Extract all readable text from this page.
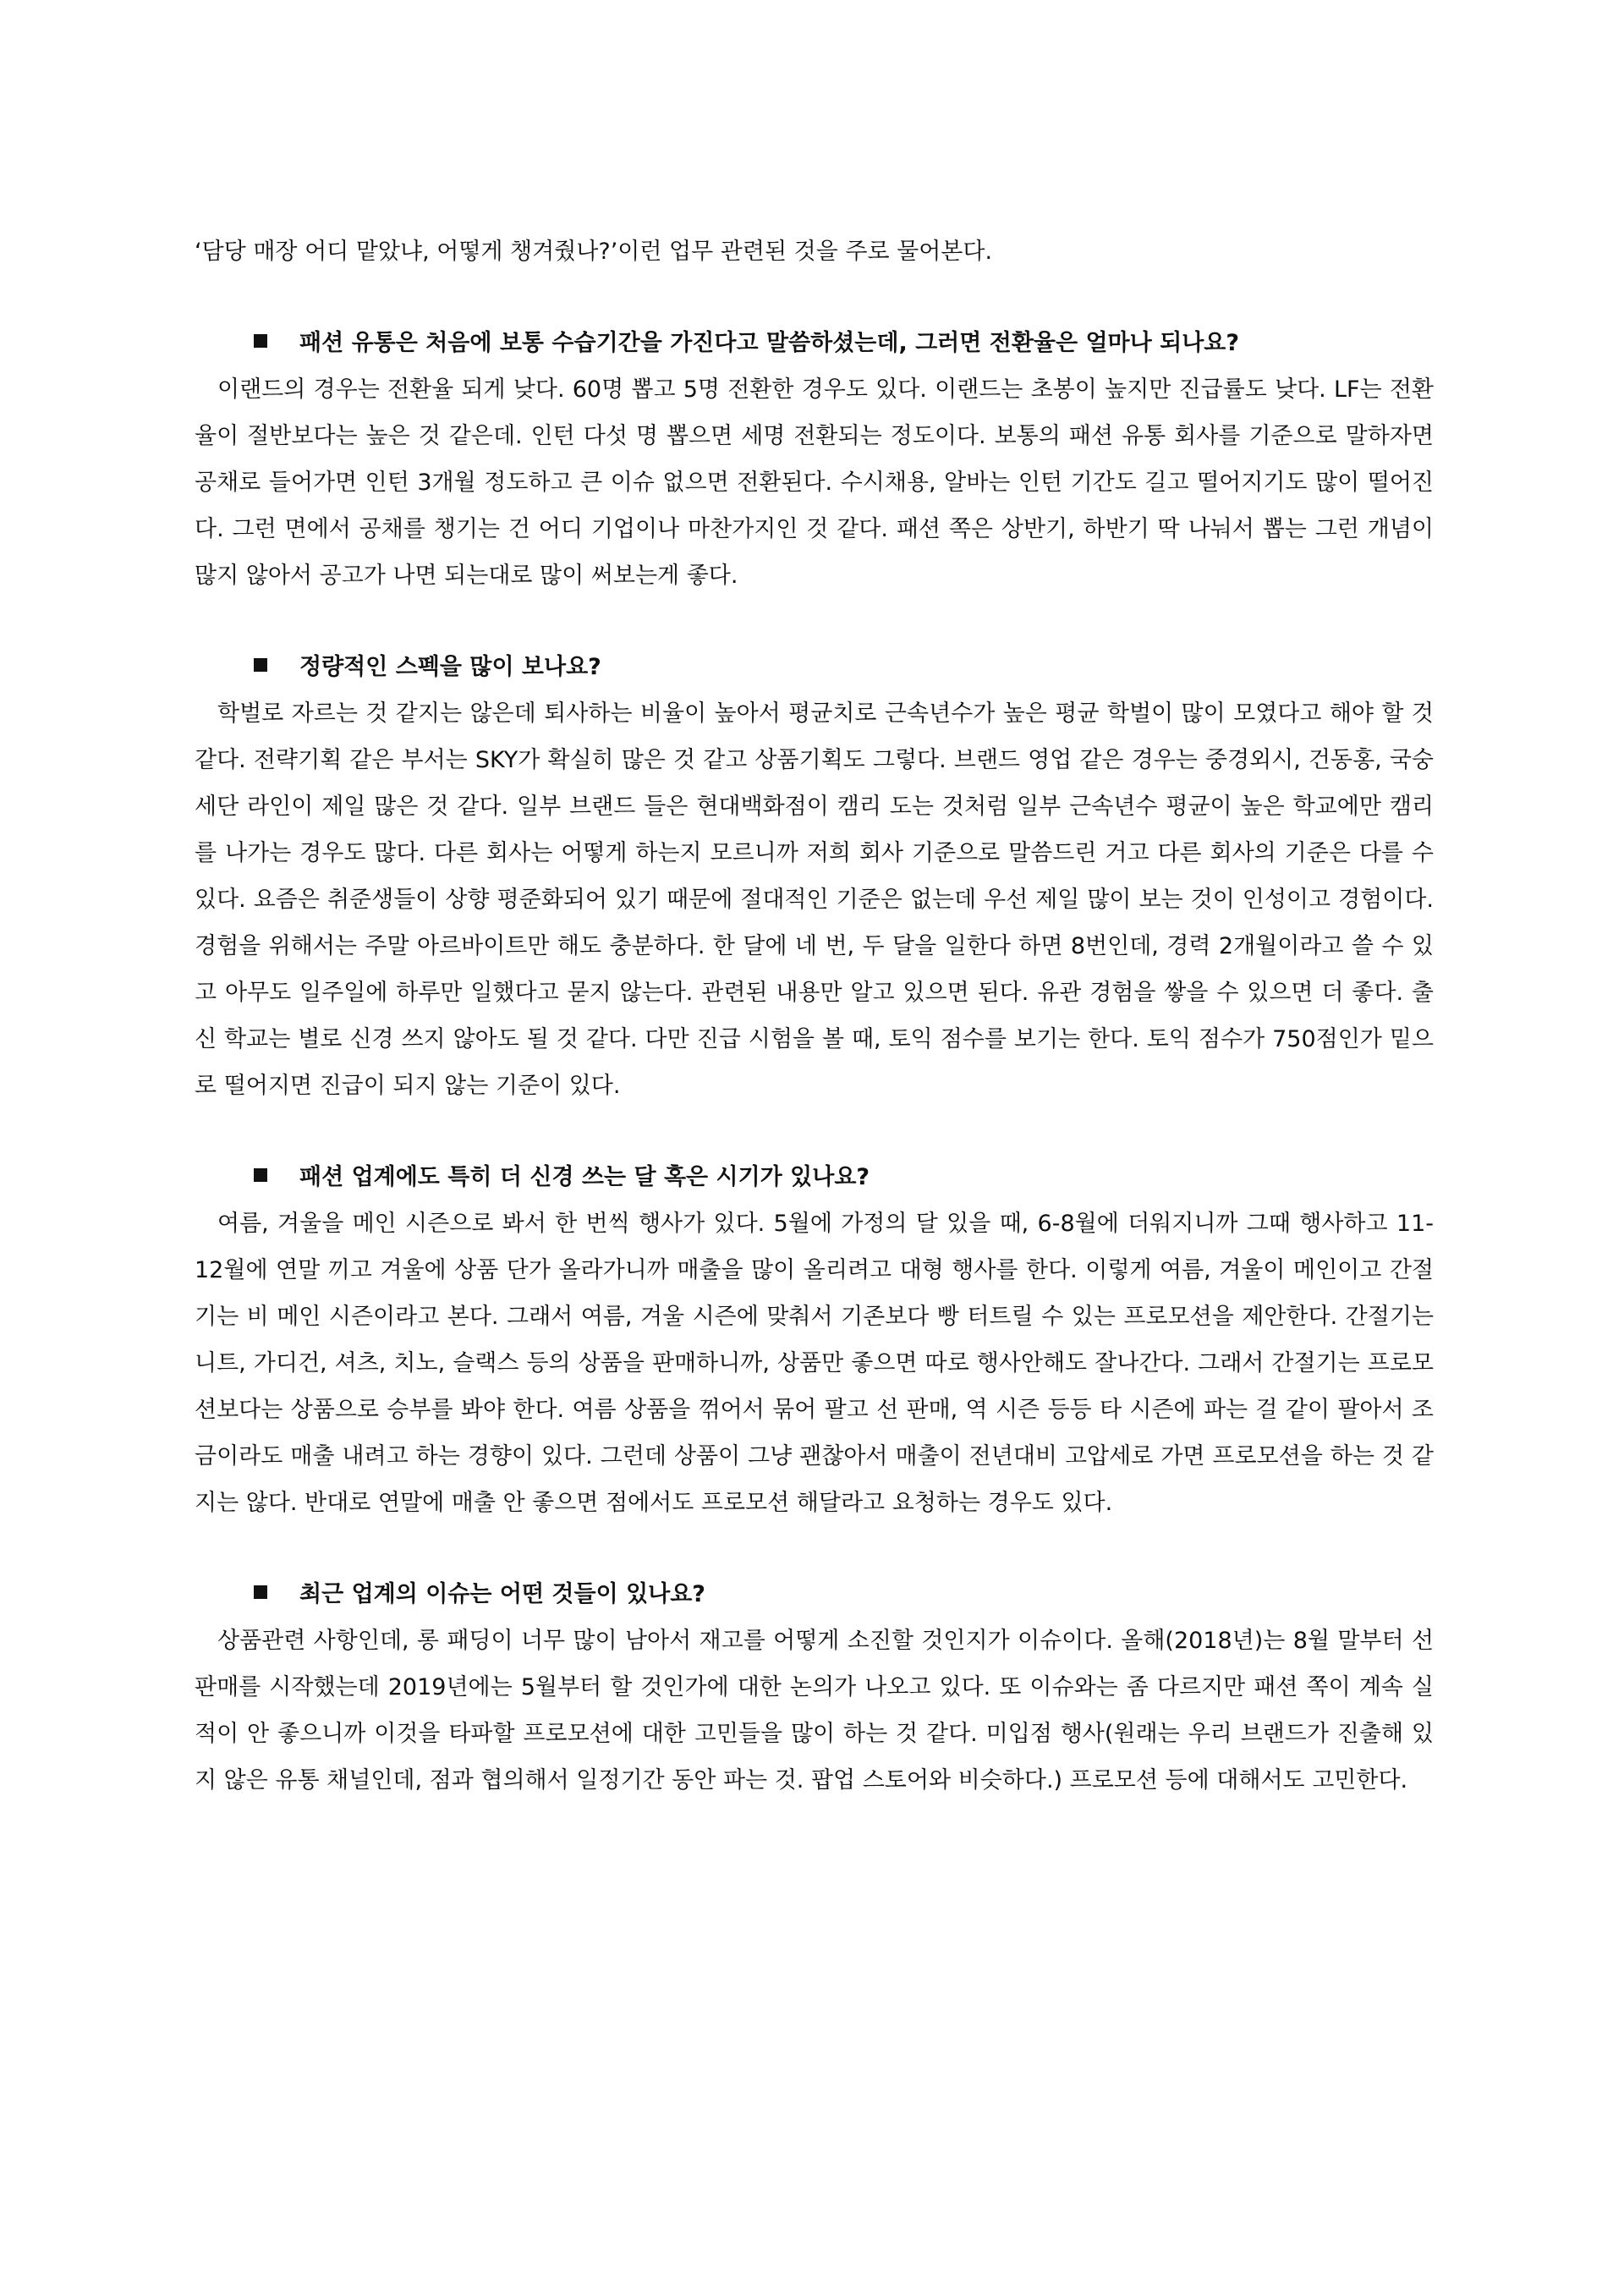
‘담당 매장 어디 맡았냐, 어떻게 챙겨줬나?’이런 업무 관련된 것을 주로 물어본다.

패션 유통은 처음에 보통 수습기간을 가진다고 말씀하셨는데, 그러면 전환율은 얼마나 되나요?

이랜드의 경우는 전환율 되게 낮다. 60명 뽑고 5명 전환한 경우도 있다. 이랜드는 초봉이 높지만 진급률도 낮다. LF는 전환율이 절반보다는 높은 것 같은데. 인턴 다섯 명 뽑으면 세명 전환되는 정도이다. 보통의 패션 유통 회사를 기준으로 말하자면 공채로 들어가면 인턴 3개월 정도하고 큰 이슈 없으면 전환된다. 수시채용, 알바는 인턴 기간도 길고 떨어지기도 많이 떨어진다. 그런 면에서 공채를 챙기는 건 어디 기업이나 마찬가지인 것 같다. 패션 쪽은 상반기, 하반기 딱 나눠서 뽑는 그런 개념이 많지 않아서 공고가 나면 되는대로 많이 써보는게 좋다.

정량적인 스펙을 많이 보나요?

학벌로 자르는 것 같지는 않은데 퇴사하는 비율이 높아서 평균치로 근속년수가 높은 평균 학벌이 많이 모였다고 해야 할 것 같다. 전략기획 같은 부서는 SKY가 확실히 많은 것 같고 상품기획도 그렇다. 브랜드 영업 같은 경우는 중경외시, 건동홍, 국숭세단 라인이 제일 많은 것 같다. 일부 브랜드 들은 현대백화점이 캠리 도는 것처럼 일부 근속년수 평균이 높은 학교에만 캠리를 나가는 경우도 많다. 다른 회사는 어떻게 하는지 모르니까 저희 회사 기준으로 말씀드린 거고 다른 회사의 기준은 다를 수 있다. 요즘은 취준생들이 상향 평준화되어 있기 때문에 절대적인 기준은 없는데 우선 제일 많이 보는 것이 인성이고 경험이다. 경험을 위해서는 주말 아르바이트만 해도 충분하다. 한 달에 네 번, 두 달을 일한다 하면 8번인데, 경력 2개월이라고 쓸 수 있고 아무도 일주일에 하루만 일했다고 묻지 않는다. 관련된 내용만 알고 있으면 된다. 유관 경험을 쌓을 수 있으면 더 좋다. 출신 학교는 별로 신경 쓰지 않아도 될 것 같다. 다만 진급 시험을 볼 때, 토익 점수를 보기는 한다. 토익 점수가 750점인가 밑으로 떨어지면 진급이 되지 않는 기준이 있다.

패션 업계에도 특히 더 신경 쓰는 달 혹은 시기가 있나요?

여름, 겨울을 메인 시즌으로 봐서 한 번씩 행사가 있다. 5월에 가정의 달 있을 때, 6-8월에 더워지니까 그때 행사하고 11-12월에 연말 끼고 겨울에 상품 단가 올라가니까 매출을 많이 올리려고 대형 행사를 한다. 이렇게 여름, 겨울이 메인이고 간절기는 비 메인 시즌이라고 본다. 그래서 여름, 겨울 시즌에 맞춰서 기존보다 빵 터트릴 수 있는 프로모션을 제안한다. 간절기는 니트, 가디건, 셔츠, 치노, 슬랙스 등의 상품을 판매하니까, 상품만 좋으면 따로 행사안해도 잘나간다. 그래서 간절기는 프로모션보다는 상품으로 승부를 봐야 한다. 여름 상품을 꺾어서 묶어 팔고 선 판매, 역 시즌 등등 타 시즌에 파는 걸 같이 팔아서 조금이라도 매출 내려고 하는 경향이 있다. 그런데 상품이 그냥 괜찮아서 매출이 전년대비 고압세로 가면 프로모션을 하는 것 같지는 않다. 반대로 연말에 매출 안 좋으면 점에서도 프로모션 해달라고 요청하는 경우도 있다.

최근 업계의 이슈는 어떤 것들이 있나요?

상품관련 사항인데, 롱 패딩이 너무 많이 남아서 재고를 어떻게 소진할 것인지가 이슈이다. 올해(2018년)는 8월 말부터 선 판매를 시작했는데 2019년에는 5월부터 할 것인가에 대한 논의가 나오고 있다. 또 이슈와는 좀 다르지만 패션 쪽이 계속 실적이 안 좋으니까 이것을 타파할 프로모션에 대한 고민들을 많이 하는 것 같다. 미입점 행사(원래는 우리 브랜드가 진출해 있지 않은 유통 채널인데, 점과 협의해서 일정기간 동안 파는 것. 팝업 스토어와 비슷하다.) 프로모션 등에 대해서도 고민한다.
